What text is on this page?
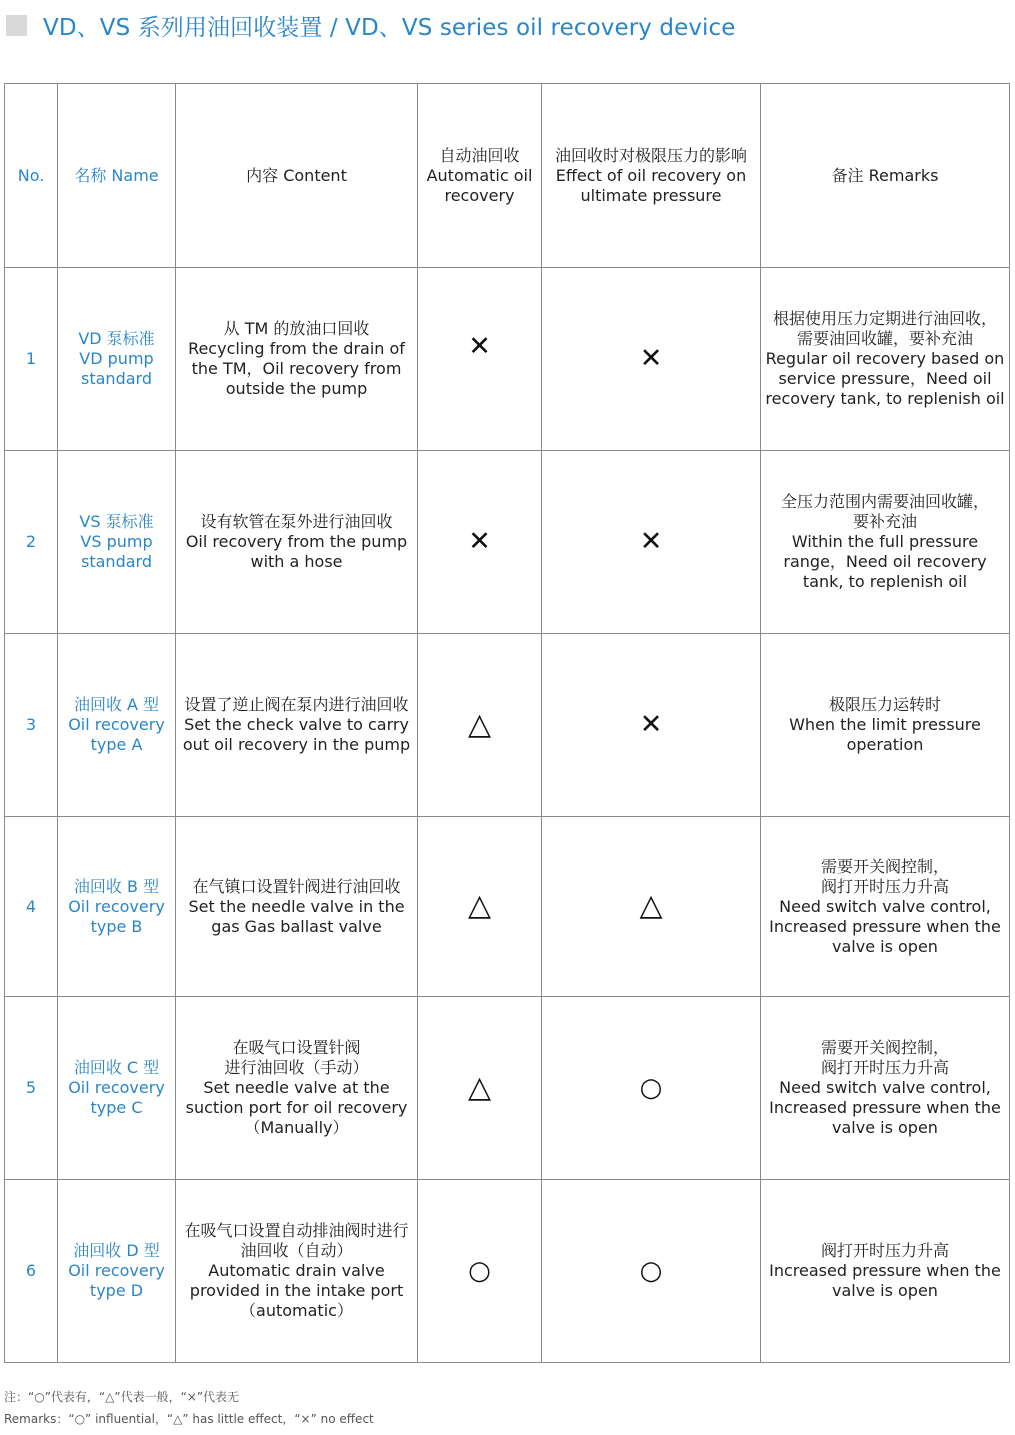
VD、VS 系列用油回收装置 / VD、VS series oil recovery device
No.	名称 Name	内容 Content	自动油回收
Automatic oil
recovery	油回收时对极限压力的影响
Effect of oil recovery on
ultimate pressure	备注 Remarks
1	VD 泵标准
VD pump
standard	从 TM 的放油口回收
Recycling from the drain of
the TM，Oil recovery from
outside the pump	✕	✕	根据使用压力定期进行油回收，
需要油回收罐，要补充油
Regular oil recovery based on
service pressure，Need oil
recovery tank, to replenish oil

2	VS 泵标准
VS pump
standard	设有软管在泵外进行油回收
Oil recovery from the pump
with a hose	✕	✕	全压力范围内需要油回收罐，
要补充油
Within the full pressure
range，Need oil recovery
tank, to replenish oil

3	油回收 A 型
Oil recovery
type A	设置了逆止阀在泵内进行油回收
Set the check valve to carry
out oil recovery in the pump	△	✕	极限压力运转时
When the limit pressure
operation

4	油回收 B 型
Oil recovery
type B	在气镇口设置针阀进行油回收
Set the needle valve in the
gas Gas ballast valve	△	△	需要开关阀控制，
阀打开时压力升高
Need switch valve control,
Increased pressure when the
valve is open

5	油回收 C 型
Oil recovery
type C	在吸气口设置针阀
进行油回收（手动）
Set needle valve at the
suction port for oil recovery
（Manually）	△	○	需要开关阀控制，
阀打开时压力升高
Need switch valve control,
Increased pressure when the
valve is open

6	油回收 D 型
Oil recovery
type D	在吸气口设置自动排油阀时进行
油回收（自动）
Automatic drain valve
provided in the intake port
（automatic）	○	○	阀打开时压力升高
Increased pressure when the
valve is open
注：“○”代表有，“△”代表一般，“×”代表无
Remarks：“○” influential，“△” has little effect，“×” no effect
